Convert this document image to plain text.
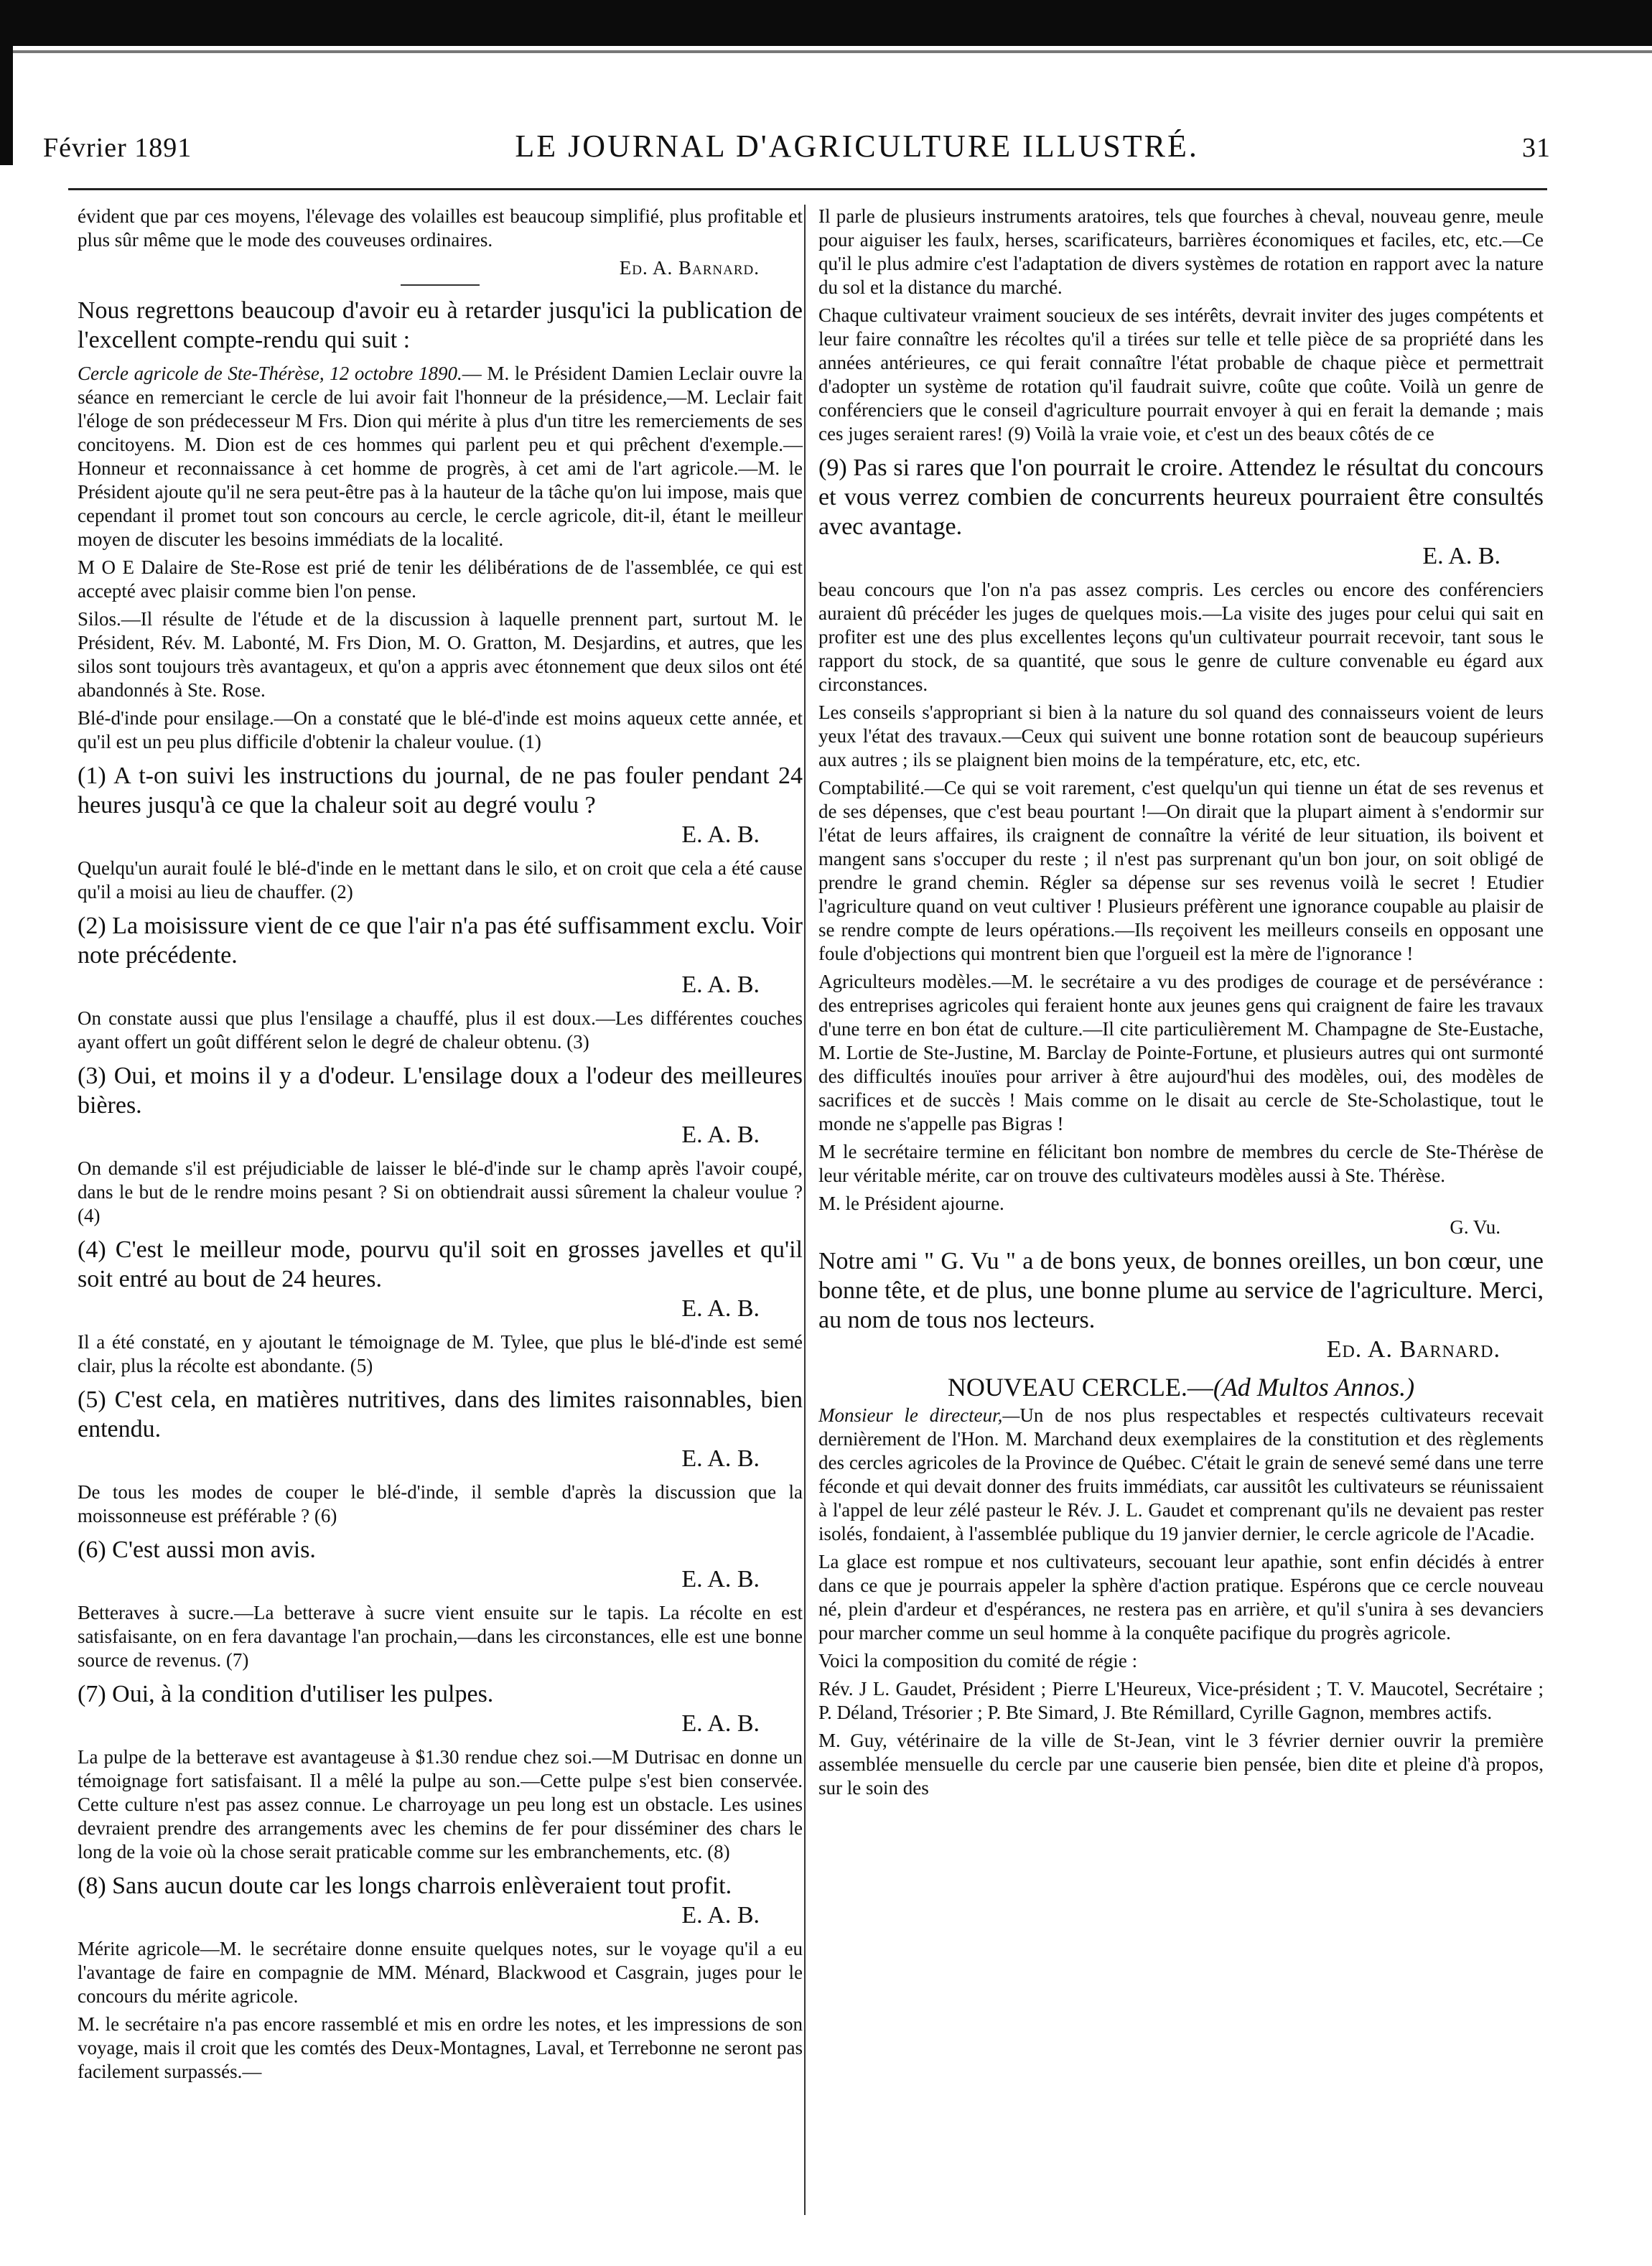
Février 1891	LE JOURNAL D'AGRICULTURE ILLUSTRÉ.	31

évident que par ces moyens, l'élevage des volailles est beaucoup simplifié, plus profitable et plus sûr même que le mode des couveuses ordinaires.

Ed. A. Barnard.

Nous regrettons beaucoup d'avoir eu à retarder jusqu'ici la publication de l'excellent compte-rendu qui suit :

Cercle agricole de Ste-Thérèse, 12 octobre 1890.— M. le Président Damien Leclair ouvre la séance en remerciant le cercle de lui avoir fait l'honneur de la présidence,—M. Leclair fait l'éloge de son prédecesseur M Frs. Dion qui mérite à plus d'un titre les remerciements de ses concitoyens. M. Dion est de ces hommes qui parlent peu et qui prêchent d'exemple.—Honneur et reconnaissance à cet homme de progrès, à cet ami de l'art agricole.—M. le Président ajoute qu'il ne sera peut-être pas à la hauteur de la tâche qu'on lui impose, mais que cependant il promet tout son concours au cercle, le cercle agricole, dit-il, étant le meilleur moyen de discuter les besoins immédiats de la localité.

M O E Dalaire de Ste-Rose est prié de tenir les délibérations de de l'assemblée, ce qui est accepté avec plaisir comme bien l'on pense.

Silos.—Il résulte de l'étude et de la discussion à laquelle prennent part, surtout M. le Président, Rév. M. Labonté, M. Frs Dion, M. O. Gratton, M. Desjardins, et autres, que les silos sont toujours très avantageux, et qu'on a appris avec étonnement que deux silos ont été abandonnés à Ste. Rose.

Blé-d'inde pour ensilage.—On a constaté que le blé-d'inde est moins aqueux cette année, et qu'il est un peu plus difficile d'obtenir la chaleur voulue. (1)

(1) A t-on suivi les instructions du journal, de ne pas fouler pendant 24 heures jusqu'à ce que la chaleur soit au degré voulu ?
E. A. B.

Quelqu'un aurait foulé le blé-d'inde en le mettant dans le silo, et on croit que cela a été cause qu'il a moisi au lieu de chauffer. (2)

(2) La moisissure vient de ce que l'air n'a pas été suffisamment exclu. Voir note précédente.
E. A. B.

On constate aussi que plus l'ensilage a chauffé, plus il est doux.—Les différentes couches ayant offert un goût différent selon le degré de chaleur obtenu. (3)

(3) Oui, et moins il y a d'odeur. L'ensilage doux a l'odeur des meilleures bières.
E. A. B.

On demande s'il est préjudiciable de laisser le blé-d'inde sur le champ après l'avoir coupé, dans le but de le rendre moins pesant ? Si on obtiendrait aussi sûrement la chaleur voulue ? (4)

(4) C'est le meilleur mode, pourvu qu'il soit en grosses javelles et qu'il soit entré au bout de 24 heures.
E. A. B.

Il a été constaté, en y ajoutant le témoignage de M. Tylee, que plus le blé-d'inde est semé clair, plus la récolte est abondante. (5)

(5) C'est cela, en matières nutritives, dans des limites raisonnables, bien entendu.
E. A. B.

De tous les modes de couper le blé-d'inde, il semble d'après la discussion que la moissonneuse est préférable ? (6)

(6) C'est aussi mon avis.
E. A. B.

Betteraves à sucre.—La betterave à sucre vient ensuite sur le tapis. La récolte en est satisfaisante, on en fera davantage l'an prochain,—dans les circonstances, elle est une bonne source de revenus. (7)

(7) Oui, à la condition d'utiliser les pulpes.
E. A. B.

La pulpe de la betterave est avantageuse à $1.30 rendue chez soi.—M Dutrisac en donne un témoignage fort satisfaisant. Il a mêlé la pulpe au son.—Cette pulpe s'est bien conservée. Cette culture n'est pas assez connue. Le charroyage un peu long est un obstacle. Les usines devraient prendre des arrangements avec les chemins de fer pour disséminer des chars le long de la voie où la chose serait praticable comme sur les embranchements, etc. (8)

(8) Sans aucun doute car les longs charrois enlèveraient tout profit.
E. A. B.

Mérite agricole—M. le secrétaire donne ensuite quelques notes, sur le voyage qu'il a eu l'avantage de faire en compagnie de MM. Ménard, Blackwood et Casgrain, juges pour le concours du mérite agricole.

M. le secrétaire n'a pas encore rassemblé et mis en ordre les notes, et les impressions de son voyage, mais il croit que les comtés des Deux-Montagnes, Laval, et Terrebonne ne seront pas facilement surpassés.—

Il parle de plusieurs instruments aratoires, tels que fourches à cheval, nouveau genre, meule pour aiguiser les faulx, herses, scarificateurs, barrières économiques et faciles, etc, etc.—Ce qu'il le plus admire c'est l'adaptation de divers systèmes de rotation en rapport avec la nature du sol et la distance du marché.

Chaque cultivateur vraiment soucieux de ses intérêts, devrait inviter des juges compétents et leur faire connaître les récoltes qu'il a tirées sur telle et telle pièce de sa propriété dans les années antérieures, ce qui ferait connaître l'état probable de chaque pièce et permettrait d'adopter un système de rotation qu'il faudrait suivre, coûte que coûte. Voilà un genre de conférenciers que le conseil d'agriculture pourrait envoyer à qui en ferait la demande ; mais ces juges seraient rares! (9) Voilà la vraie voie, et c'est un des beaux côtés de ce

(9) Pas si rares que l'on pourrait le croire. Attendez le résultat du concours et vous verrez combien de concurrents heureux pourraient être consultés avec avantage.
E. A. B.

beau concours que l'on n'a pas assez compris. Les cercles ou encore des conférenciers auraient dû précéder les juges de quelques mois.—La visite des juges pour celui qui sait en profiter est une des plus excellentes leçons qu'un cultivateur pourrait recevoir, tant sous le rapport du stock, de sa quantité, que sous le genre de culture convenable eu égard aux circonstances.

Les conseils s'appropriant si bien à la nature du sol quand des connaisseurs voient de leurs yeux l'état des travaux.—Ceux qui suivent une bonne rotation sont de beaucoup supérieurs aux autres ; ils se plaignent bien moins de la température, etc, etc, etc.

Comptabilité.—Ce qui se voit rarement, c'est quelqu'un qui tienne un état de ses revenus et de ses dépenses, que c'est beau pourtant !—On dirait que la plupart aiment à s'endormir sur l'état de leurs affaires, ils craignent de connaître la vérité de leur situation, ils boivent et mangent sans s'occuper du reste ; il n'est pas surprenant qu'un bon jour, on soit obligé de prendre le grand chemin. Régler sa dépense sur ses revenus voilà le secret ! Etudier l'agriculture quand on veut cultiver ! Plusieurs préfèrent une ignorance coupable au plaisir de se rendre compte de leurs opérations.—Ils reçoivent les meilleurs conseils en opposant une foule d'objections qui montrent bien que l'orgueil est la mère de l'ignorance !

Agriculteurs modèles.—M. le secrétaire a vu des prodiges de courage et de persévérance : des entreprises agricoles qui feraient honte aux jeunes gens qui craignent de faire les travaux d'une terre en bon état de culture.—Il cite particulièrement M. Champagne de Ste-Eustache, M. Lortie de Ste-Justine, M. Barclay de Pointe-Fortune, et plusieurs autres qui ont surmonté des difficultés inouïes pour arriver à être aujourd'hui des modèles, oui, des modèles de sacrifices et de succès ! Mais comme on le disait au cercle de Ste-Scholastique, tout le monde ne s'appelle pas Bigras !

M le secrétaire termine en félicitant bon nombre de membres du cercle de Ste-Thérèse de leur véritable mérite, car on trouve des cultivateurs modèles aussi à Ste. Thérèse.

M. le Président ajourne.
G. Vu.

Notre ami " G. Vu " a de bons yeux, de bonnes oreilles, un bon cœur, une bonne tête, et de plus, une bonne plume au service de l'agriculture. Merci, au nom de tous nos lecteurs.
Ed. A. Barnard.

NOUVEAU CERCLE.—(Ad Multos Annos.)

Monsieur le directeur,—Un de nos plus respectables et respectés cultivateurs recevait dernièrement de l'Hon. M. Marchand deux exemplaires de la constitution et des règlements des cercles agricoles de la Province de Québec. C'était le grain de senevé semé dans une terre féconde et qui devait donner des fruits immédiats, car aussitôt les cultivateurs se réunissaient à l'appel de leur zélé pasteur le Rév. J. L. Gaudet et comprenant qu'ils ne devaient pas rester isolés, fondaient, à l'assemblée publique du 19 janvier dernier, le cercle agricole de l'Acadie.

La glace est rompue et nos cultivateurs, secouant leur apathie, sont enfin décidés à entrer dans ce que je pourrais appeler la sphère d'action pratique. Espérons que ce cercle nouveau né, plein d'ardeur et d'espérances, ne restera pas en arrière, et qu'il s'unira à ses devanciers pour marcher comme un seul homme à la conquête pacifique du progrès agricole.

Voici la composition du comité de régie :

Rév. J L. Gaudet, Président ; Pierre L'Heureux, Vice-président ; T. V. Maucotel, Secrétaire ; P. Déland, Trésorier ; P. Bte Simard, J. Bte Rémillard, Cyrille Gagnon, membres actifs.

M. Guy, vétérinaire de la ville de St-Jean, vint le 3 février dernier ouvrir la première assemblée mensuelle du cercle par une causerie bien pensée, bien dite et pleine d'à propos, sur le soin des
